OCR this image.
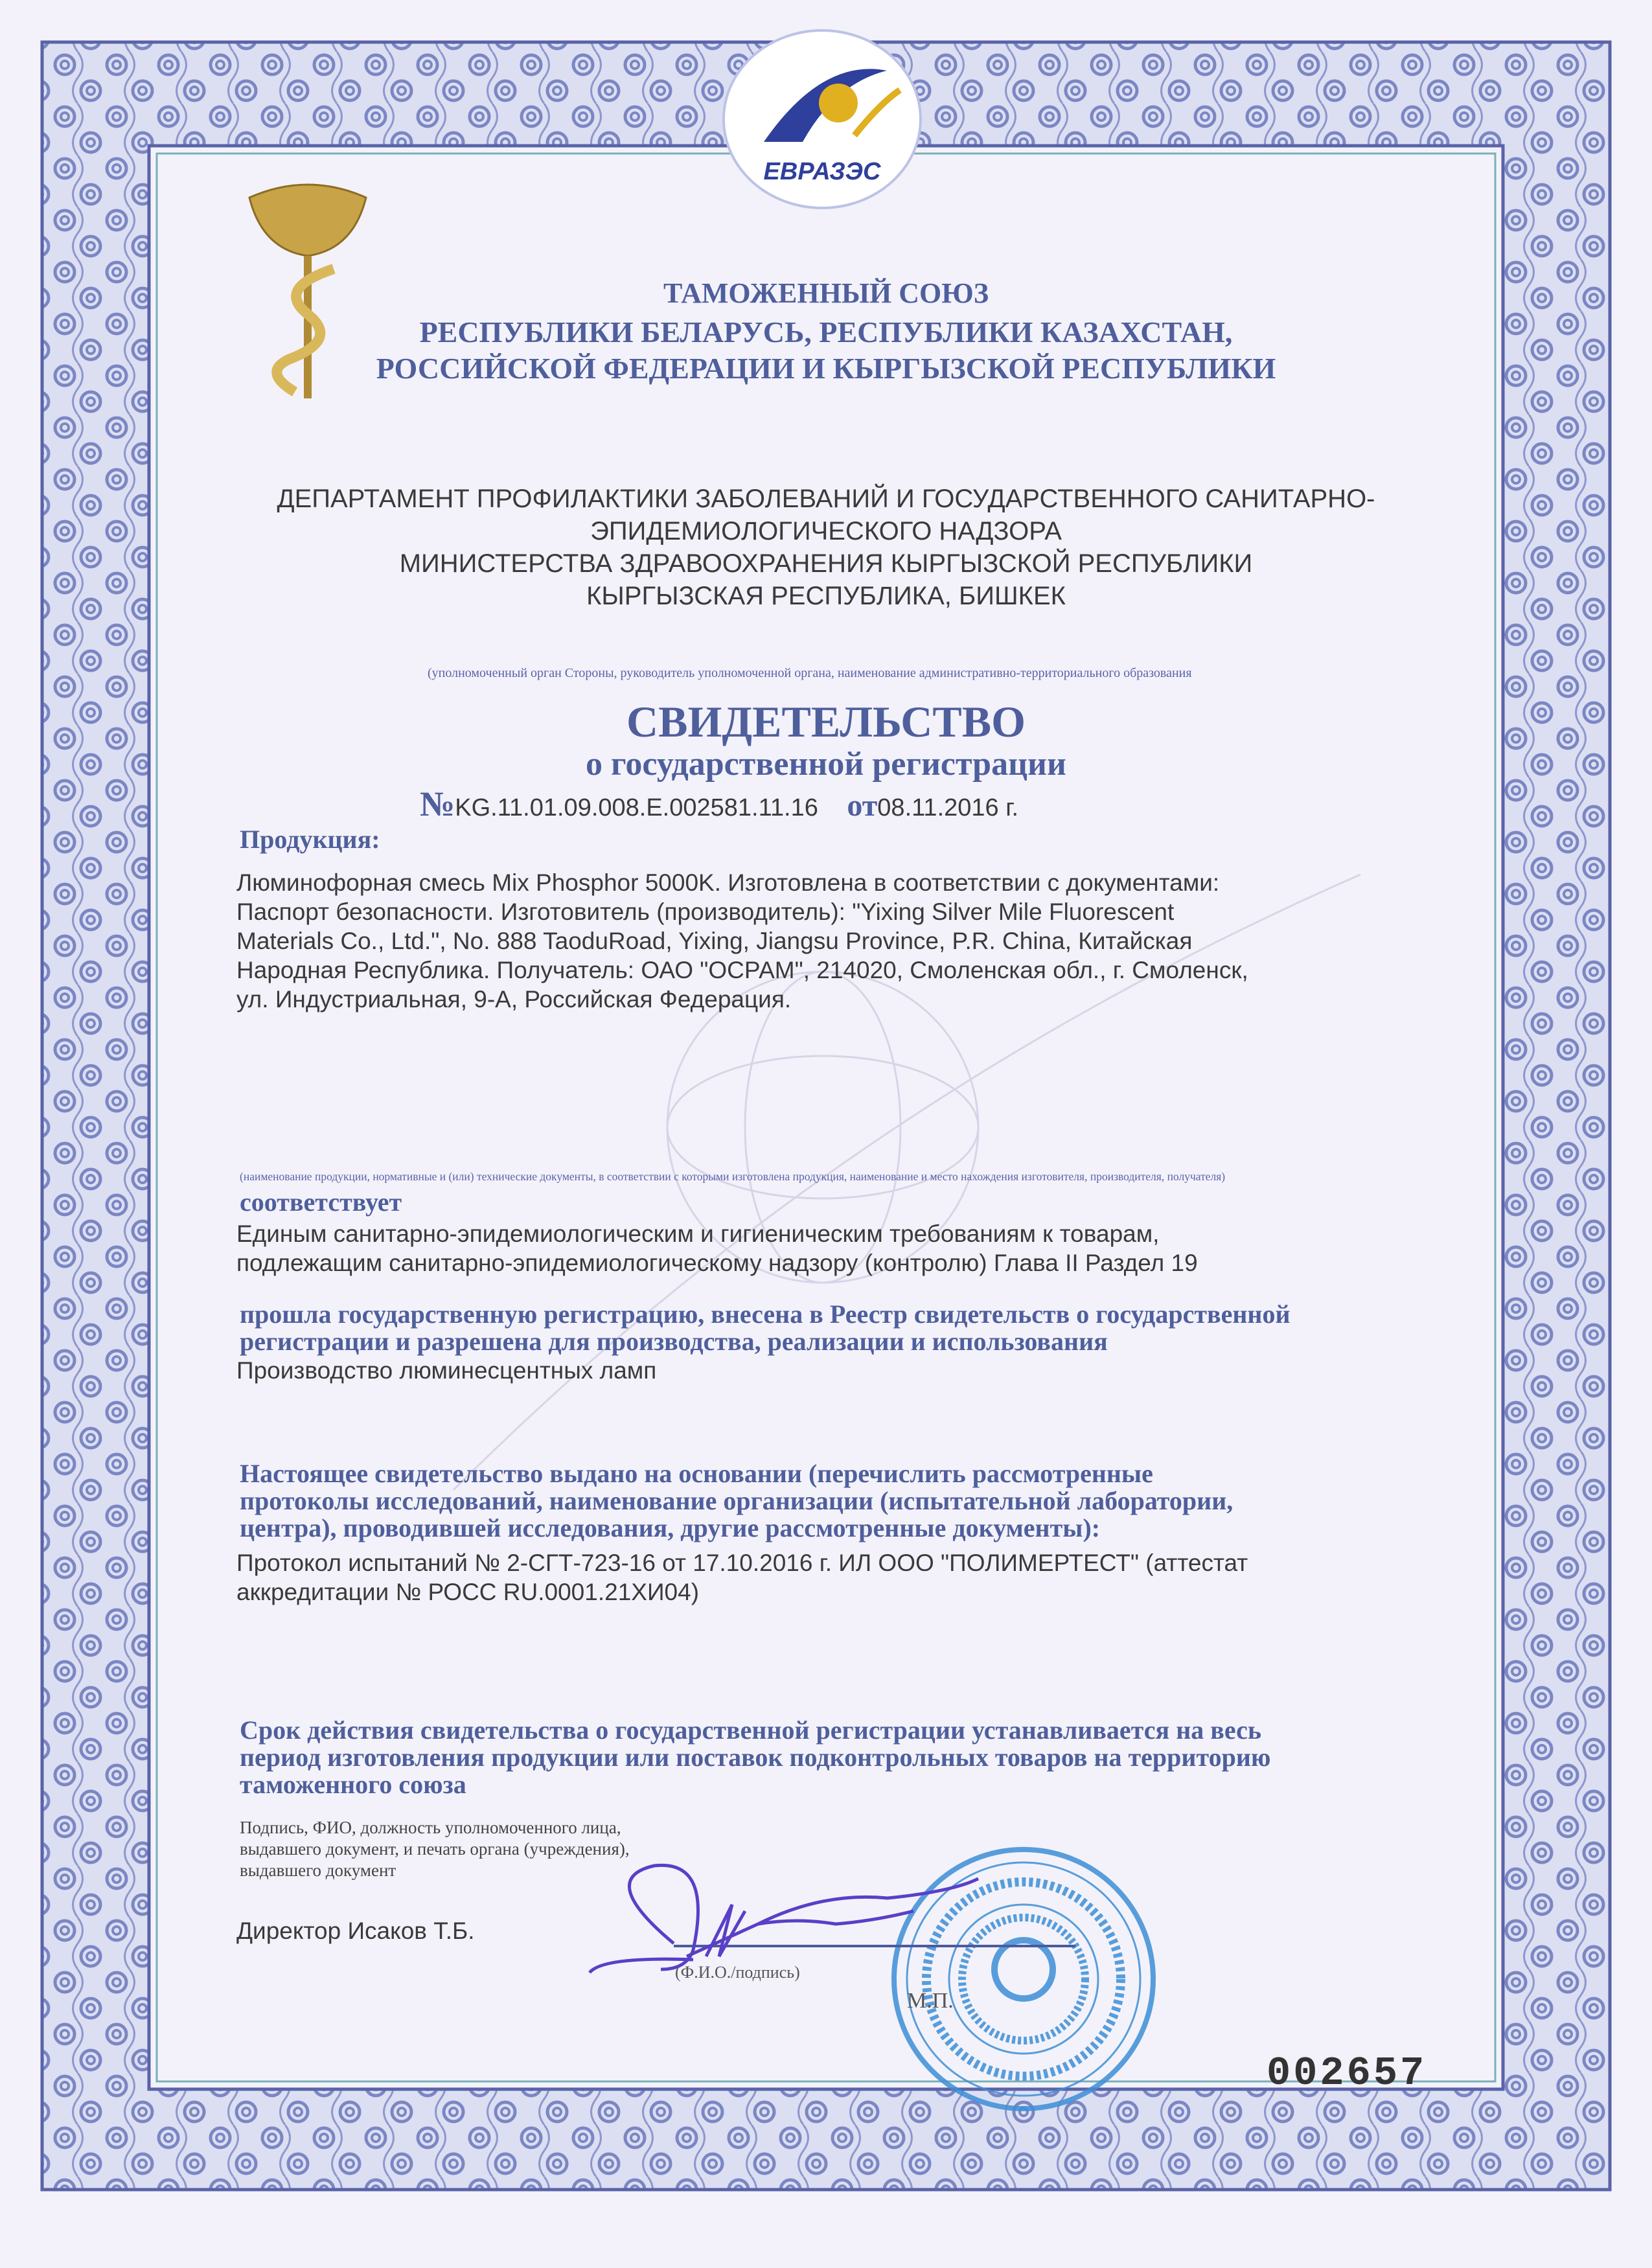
ЕВРАЗЭС
ТАМОЖЕННЫЙ СОЮЗ
РЕСПУБЛИКИ БЕЛАРУСЬ, РЕСПУБЛИКИ КАЗАХСТАН,
РОССИЙСКОЙ ФЕДЕРАЦИИ И КЫРГЫЗСКОЙ РЕСПУБЛИКИ
ДЕПАРТАМЕНТ ПРОФИЛАКТИКИ ЗАБОЛЕВАНИЙ И ГОСУДАРСТВЕННОГО САНИТАРНО-
ЭПИДЕМИОЛОГИЧЕСКОГО НАДЗОРА
МИНИСТЕРСТВА ЗДРАВООХРАНЕНИЯ КЫРГЫЗСКОЙ РЕСПУБЛИКИ
КЫРГЫЗСКАЯ РЕСПУБЛИКА, БИШКЕК
(уполномоченный орган Стороны, руководитель уполномоченной органа, наименование административно-территориального образования
СВИДЕТЕЛЬСТВО
о государственной регистрации
№KG.11.01.09.008.E.002581.11.16 от08.11.2016 г.
Продукция:
Люминофорная смесь Mix Phosphor 5000K. Изготовлена в соответствии с документами:
Паспорт безопасности. Изготовитель (производитель): "Yixing Silver Mile Fluorescent
Materials Co., Ltd.", No. 888 TaoduRoad, Yixing, Jiangsu Province, P.R. China, Китайская
Народная Республика. Получатель: ОАО "ОСРАМ", 214020, Смоленская обл., г. Смоленск,
ул. Индустриальная, 9-А, Российская Федерация.
(наименование продукции, нормативные и (или) технические документы, в соответствии с которыми изготовлена продукция, наименование и место нахождения изготовителя, производителя, получателя)
соответствует
Единым санитарно-эпидемиологическим и гигиеническим требованиям к товарам,
подлежащим санитарно-эпидемиологическому надзору (контролю) Глава II Раздел 19
прошла государственную регистрацию, внесена в Реестр свидетельств о государственной
регистрации и разрешена для производства, реализации и использования
Производство люминесцентных ламп
Настоящее свидетельство выдано на основании (перечислить рассмотренные
протоколы исследований, наименование организации (испытательной лаборатории,
центра), проводившей исследования, другие рассмотренные документы):
Протокол испытаний № 2-СГТ-723-16 от 17.10.2016 г. ИЛ ООО "ПОЛИМЕРТЕСТ" (аттестат
аккредитации № РОСС RU.0001.21ХИ04)
Срок действия свидетельства о государственной регистрации устанавливается на весь
период изготовления продукции или поставок подконтрольных товаров на территорию
таможенного союза
Подпись, ФИО, должность уполномоченного лица,
выдавшего документ, и печать органа (учреждения),
выдавшего документ
Директор Исаков Т.Б.
(Ф.И.О./подпись)
М.П.
002657
